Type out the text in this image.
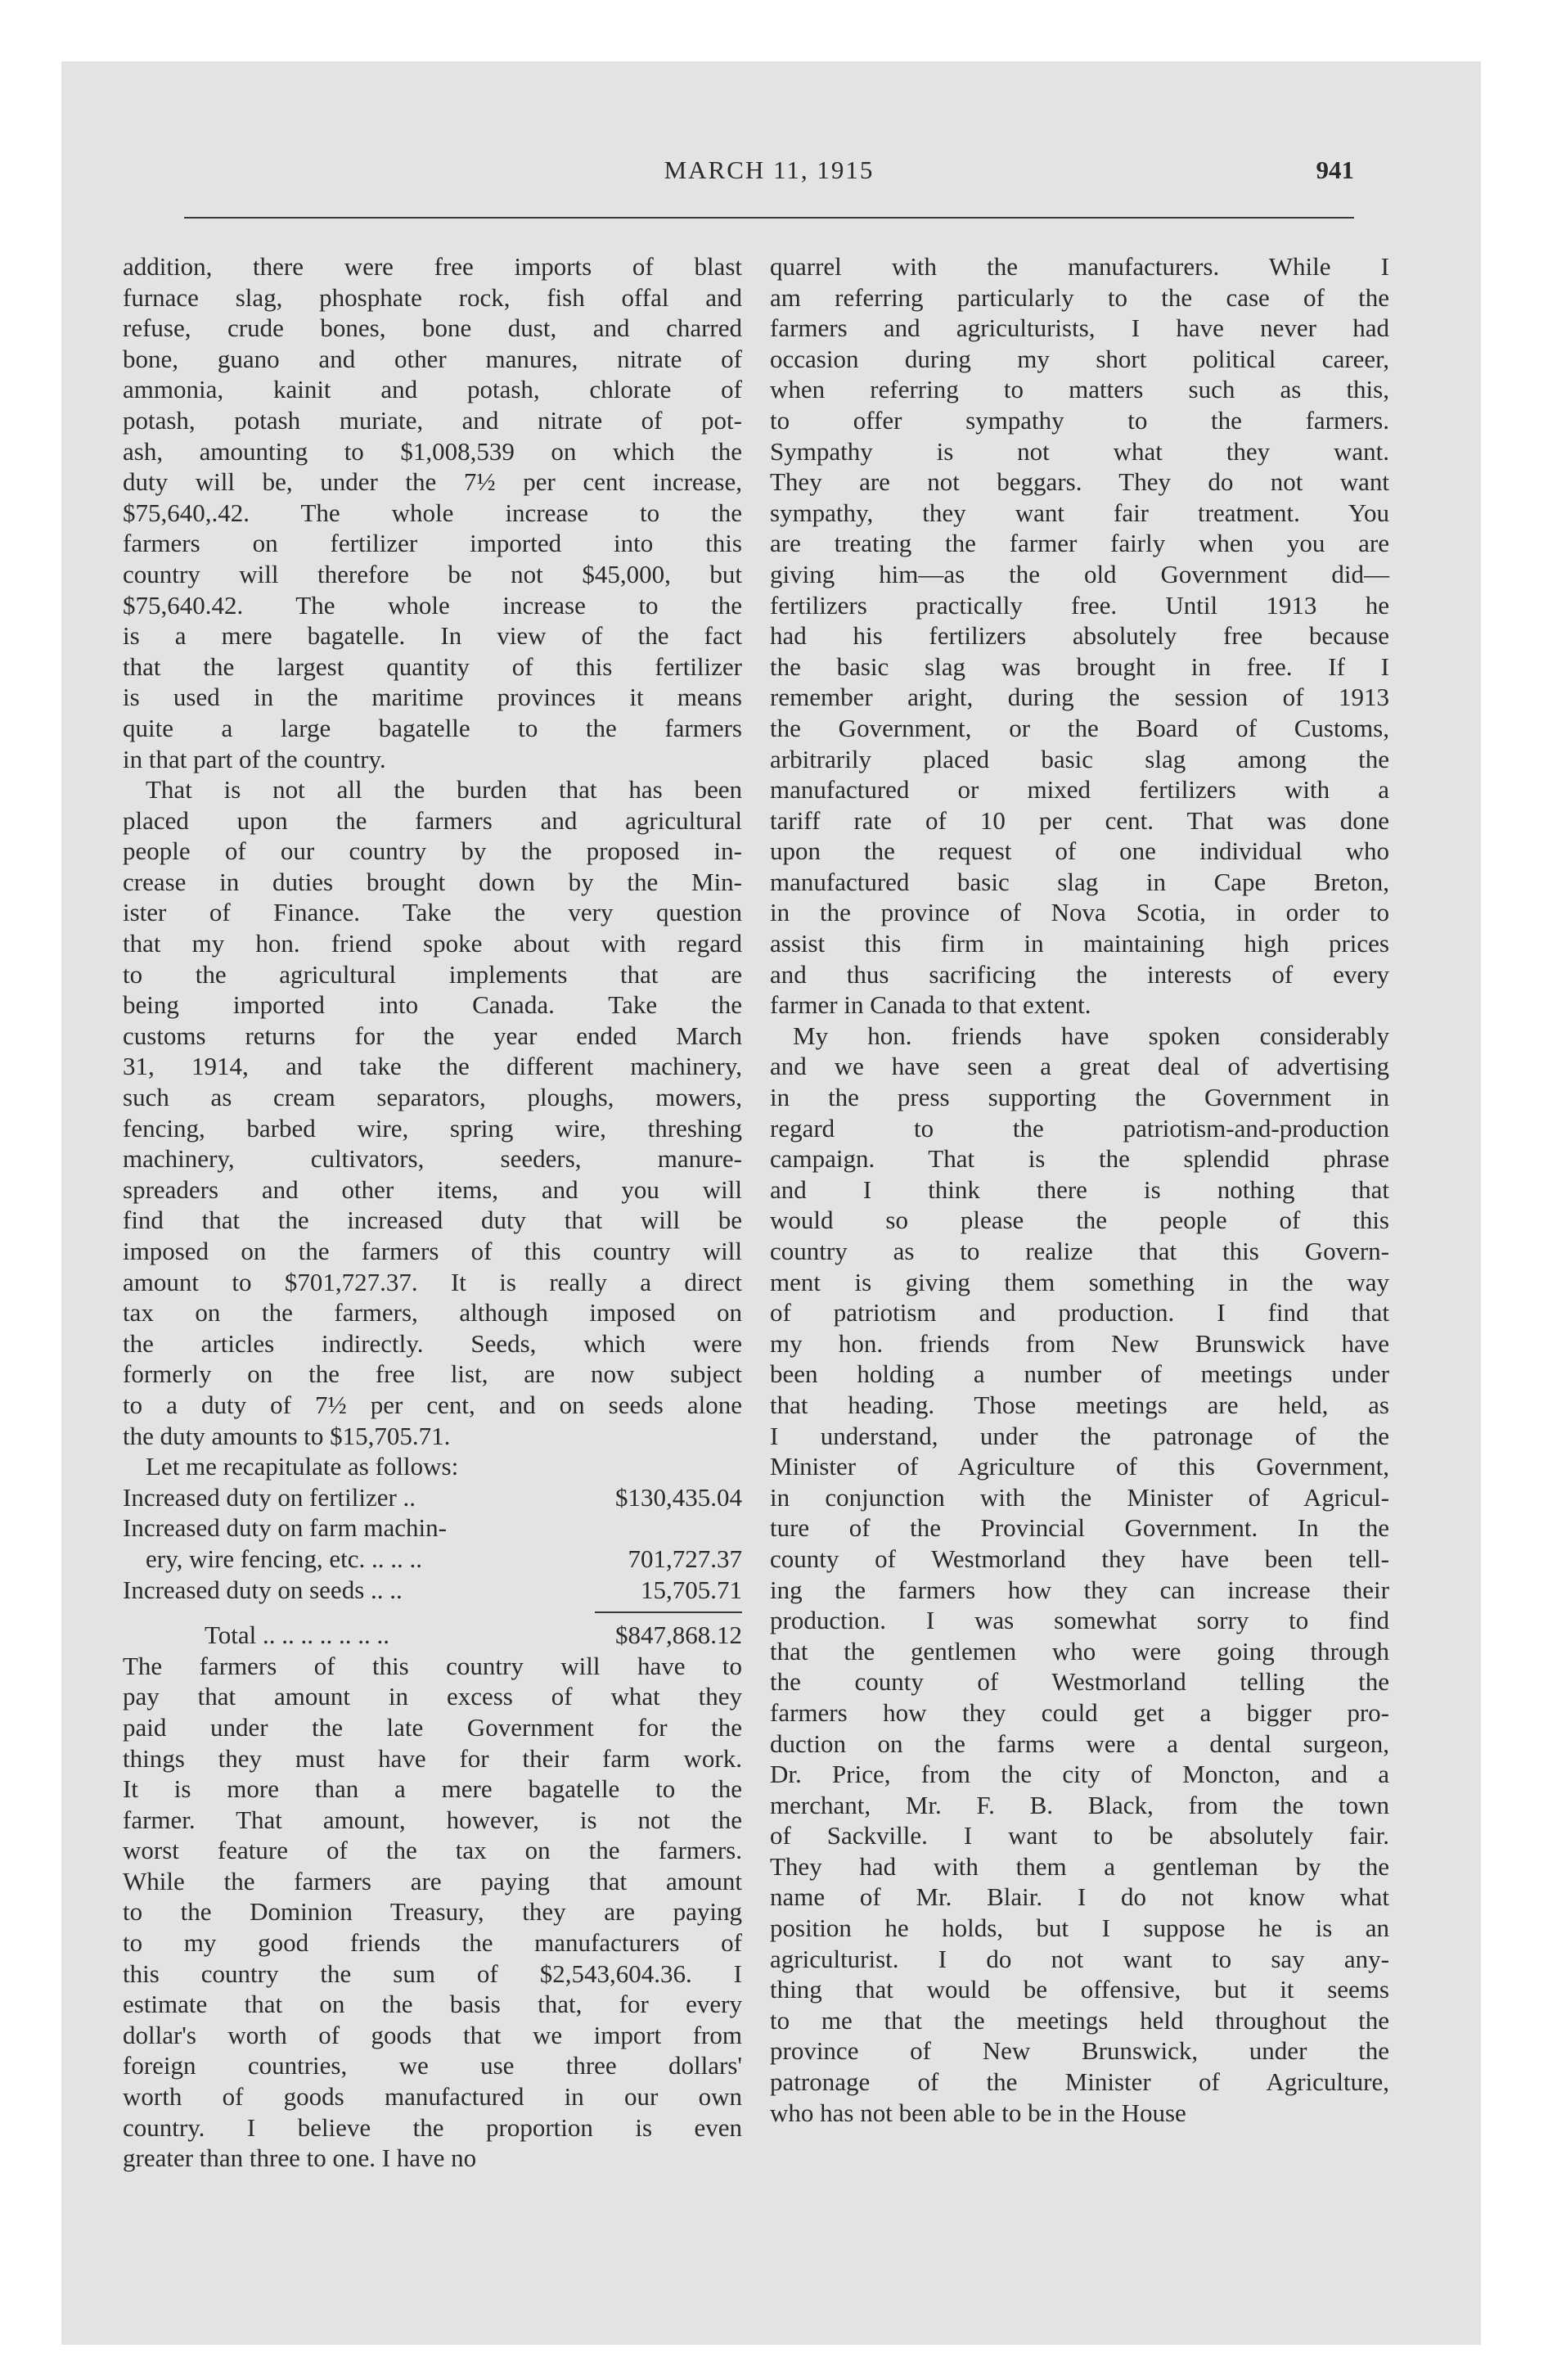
MARCH 11, 1915	941
addition, there were free imports of blast
furnace slag, phosphate rock, fish offal and
refuse, crude bones, bone dust, and charred
bone, guano and other manures, nitrate of
ammonia, kainit and potash, chlorate of
potash, potash muriate, and nitrate of pot-
ash, amounting to $1,008,539 on which the
duty will be, under the 7½ per cent increase,
$75,640,.42. The whole increase to the
farmers on fertilizer imported into this
country will therefore be not $45,000, but
$75,640.42. The whole increase to the
is a mere bagatelle. In view of the fact
that the largest quantity of this fertilizer
is used in the maritime provinces it means
quite a large bagatelle to the farmers
in that part of the country.
That is not all the burden that has been
placed upon the farmers and agricultural
people of our country by the proposed in-
crease in duties brought down by the Min-
ister of Finance. Take the very question
that my hon. friend spoke about with regard
to the agricultural implements that are
being imported into Canada. Take the
customs returns for the year ended March
31, 1914, and take the different machinery,
such as cream separators, ploughs, mowers,
fencing, barbed wire, spring wire, threshing
machinery, cultivators, seeders, manure-
spreaders and other items, and you will
find that the increased duty that will be
imposed on the farmers of this country will
amount to $701,727.37. It is really a direct
tax on the farmers, although imposed on
the articles indirectly. Seeds, which were
formerly on the free list, are now subject
to a duty of 7½ per cent, and on seeds alone
the duty amounts to $15,705.71.
Let me recapitulate as follows:
Increased duty on fertilizer ..	$130,435.04
Increased duty on farm machin-
ery, wire fencing, etc. .. .. ..	701,727.37
Increased duty on seeds .. ..	15,705.71
Total .. .. .. .. .. .. ..	$847,868.12
The farmers of this country will have to
pay that amount in excess of what they
paid under the late Government for the
things they must have for their farm work.
It is more than a mere bagatelle to the
farmer. That amount, however, is not the
worst feature of the tax on the farmers.
While the farmers are paying that amount
to the Dominion Treasury, they are paying
to my good friends the manufacturers of
this country the sum of $2,543,604.36. I
estimate that on the basis that, for every
dollar's worth of goods that we import from
foreign countries, we use three dollars'
worth of goods manufactured in our own
country. I believe the proportion is even
greater than three to one. I have no
quarrel with the manufacturers. While I
am referring particularly to the case of the
farmers and agriculturists, I have never had
occasion during my short political career,
when referring to matters such as this,
to offer sympathy to the farmers.
Sympathy is not what they want.
They are not beggars. They do not want
sympathy, they want fair treatment. You
are treating the farmer fairly when you are
giving him—as the old Government did—
fertilizers practically free. Until 1913 he
had his fertilizers absolutely free because
the basic slag was brought in free. If I
remember aright, during the session of 1913
the Government, or the Board of Customs,
arbitrarily placed basic slag among the
manufactured or mixed fertilizers with a
tariff rate of 10 per cent. That was done
upon the request of one individual who
manufactured basic slag in Cape Breton,
in the province of Nova Scotia, in order to
assist this firm in maintaining high prices
and thus sacrificing the interests of every
farmer in Canada to that extent.
My hon. friends have spoken considerably
and we have seen a great deal of advertising
in the press supporting the Government in
regard to the patriotism-and-production
campaign. That is the splendid phrase
and I think there is nothing that
would so please the people of this
country as to realize that this Govern-
ment is giving them something in the way
of patriotism and production. I find that
my hon. friends from New Brunswick have
been holding a number of meetings under
that heading. Those meetings are held, as
I understand, under the patronage of the
Minister of Agriculture of this Government,
in conjunction with the Minister of Agricul-
ture of the Provincial Government. In the
county of Westmorland they have been tell-
ing the farmers how they can increase their
production. I was somewhat sorry to find
that the gentlemen who were going through
the county of Westmorland telling the
farmers how they could get a bigger pro-
duction on the farms were a dental surgeon,
Dr. Price, from the city of Moncton, and a
merchant, Mr. F. B. Black, from the town
of Sackville. I want to be absolutely fair.
They had with them a gentleman by the
name of Mr. Blair. I do not know what
position he holds, but I suppose he is an
agriculturist. I do not want to say any-
thing that would be offensive, but it seems
to me that the meetings held throughout the
province of New Brunswick, under the
patronage of the Minister of Agriculture,
who has not been able to be in the House
